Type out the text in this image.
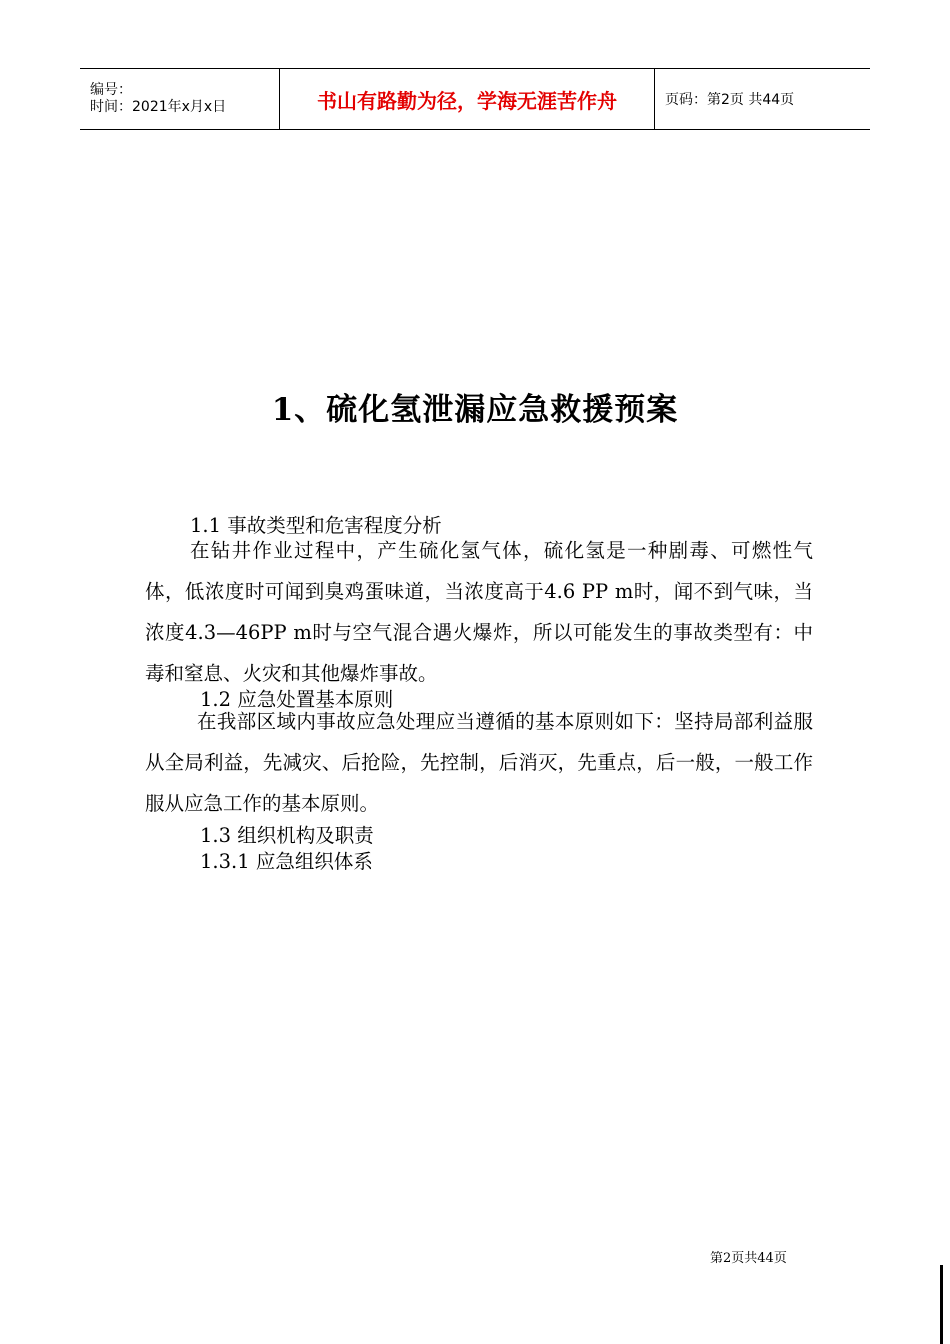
编号：
时间：2021年x月x日	书山有路勤为径，学海无涯苦作舟	页码：第2页 共44页
1、硫化氢泄漏应急救援预案
1.1 事故类型和危害程度分析

在钻井作业过程中，产生硫化氢气体，硫化氢是一种剧毒、可燃性气体，低浓度时可闻到臭鸡蛋味道，当浓度高于4.6 PP m时，闻不到气味，当浓度4.3—46PP m时与空气混合遇火爆炸，所以可能发生的事故类型有：中毒和窒息、火灾和其他爆炸事故。

1.2 应急处置基本原则

在我部区域内事故应急处理应当遵循的基本原则如下：坚持局部利益服从全局利益，先减灾、后抢险，先控制，后消灭，先重点，后一般，一般工作服从应急工作的基本原则。

1.3 组织机构及职责
1.3.1 应急组织体系
第2页共44页
